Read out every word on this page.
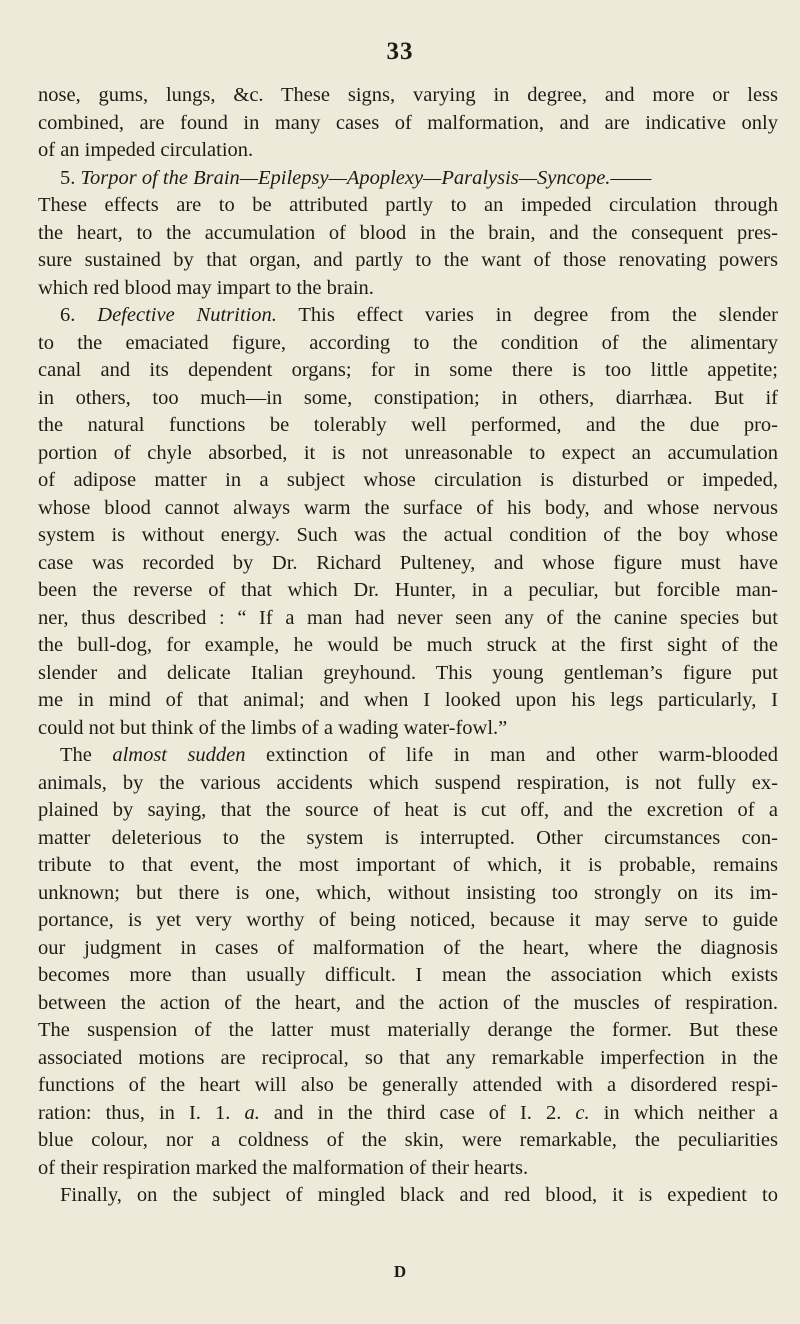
33
nose, gums, lungs, &c. These signs, varying in degree, and more or less
combined, are found in many cases of malformation, and are indicative only
of an impeded circulation.
5. Torpor of the Brain—Epilepsy—Apoplexy—Paralysis—Syncope.——
These effects are to be attributed partly to an impeded circulation through
the heart, to the accumulation of blood in the brain, and the consequent pres-
sure sustained by that organ, and partly to the want of those renovating powers
which red blood may impart to the brain.
6. Defective Nutrition. This effect varies in degree from the slender
to the emaciated figure, according to the condition of the alimentary
canal and its dependent organs; for in some there is too little appetite;
in others, too much—in some, constipation; in others, diarrhæa. But if
the natural functions be tolerably well performed, and the due pro-
portion of chyle absorbed, it is not unreasonable to expect an accumulation
of adipose matter in a subject whose circulation is disturbed or impeded,
whose blood cannot always warm the surface of his body, and whose nervous
system is without energy. Such was the actual condition of the boy whose
case was recorded by Dr. Richard Pulteney, and whose figure must have
been the reverse of that which Dr. Hunter, in a peculiar, but forcible man-
ner, thus described : “ If a man had never seen any of the canine species but
the bull-dog, for example, he would be much struck at the first sight of the
slender and delicate Italian greyhound. This young gentleman’s figure put
me in mind of that animal; and when I looked upon his legs particularly, I
could not but think of the limbs of a wading water-fowl.”
The almost sudden extinction of life in man and other warm-blooded
animals, by the various accidents which suspend respiration, is not fully ex-
plained by saying, that the source of heat is cut off, and the excretion of a
matter deleterious to the system is interrupted. Other circumstances con-
tribute to that event, the most important of which, it is probable, remains
unknown; but there is one, which, without insisting too strongly on its im-
portance, is yet very worthy of being noticed, because it may serve to guide
our judgment in cases of malformation of the heart, where the diagnosis
becomes more than usually difficult. I mean the association which exists
between the action of the heart, and the action of the muscles of respiration.
The suspension of the latter must materially derange the former. But these
associated motions are reciprocal, so that any remarkable imperfection in the
functions of the heart will also be generally attended with a disordered respi-
ration: thus, in I. 1. a. and in the third case of I. 2. c. in which neither a
blue colour, nor a coldness of the skin, were remarkable, the peculiarities
of their respiration marked the malformation of their hearts.
Finally, on the subject of mingled black and red blood, it is expedient to
D
